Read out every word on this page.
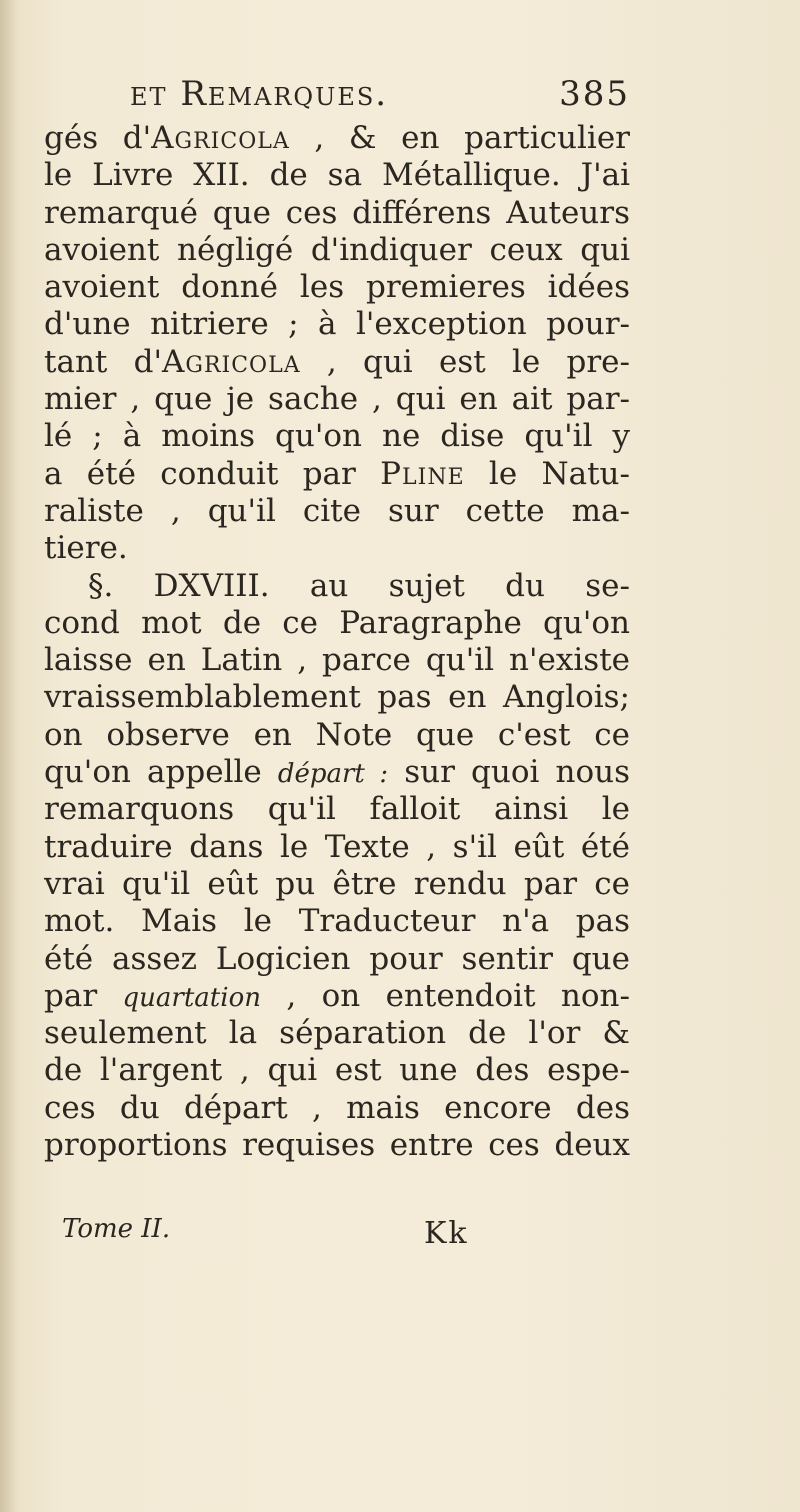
et Remarques.	385
gés d'Agricola , & en particulier
le Livre XII. de sa Métallique. J'ai
remarqué que ces différens Auteurs
avoient négligé d'indiquer ceux qui
avoient donné les premieres idées
d'une nitriere ; à l'exception pour-
tant d'Agricola , qui est le pre-
mier , que je sache , qui en ait par-
lé ; à moins qu'on ne dise qu'il y
a été conduit par Pline le Natu-
raliste , qu'il cite sur cette ma-
tiere.
§. DXVIII. au sujet du se-
cond mot de ce Paragraphe qu'on
laisse en Latin , parce qu'il n'existe
vraissemblablement pas en Anglois;
on observe en Note que c'est ce
qu'on appelle départ : sur quoi nous
remarquons qu'il falloit ainsi le
traduire dans le Texte , s'il eût été
vrai qu'il eût pu être rendu par ce
mot. Mais le Traducteur n'a pas
été assez Logicien pour sentir que
par quartation , on entendoit non-
seulement la séparation de l'or &
de l'argent , qui est une des espe-
ces du départ , mais encore des
proportions requises entre ces deux
Tome II.	Kk
